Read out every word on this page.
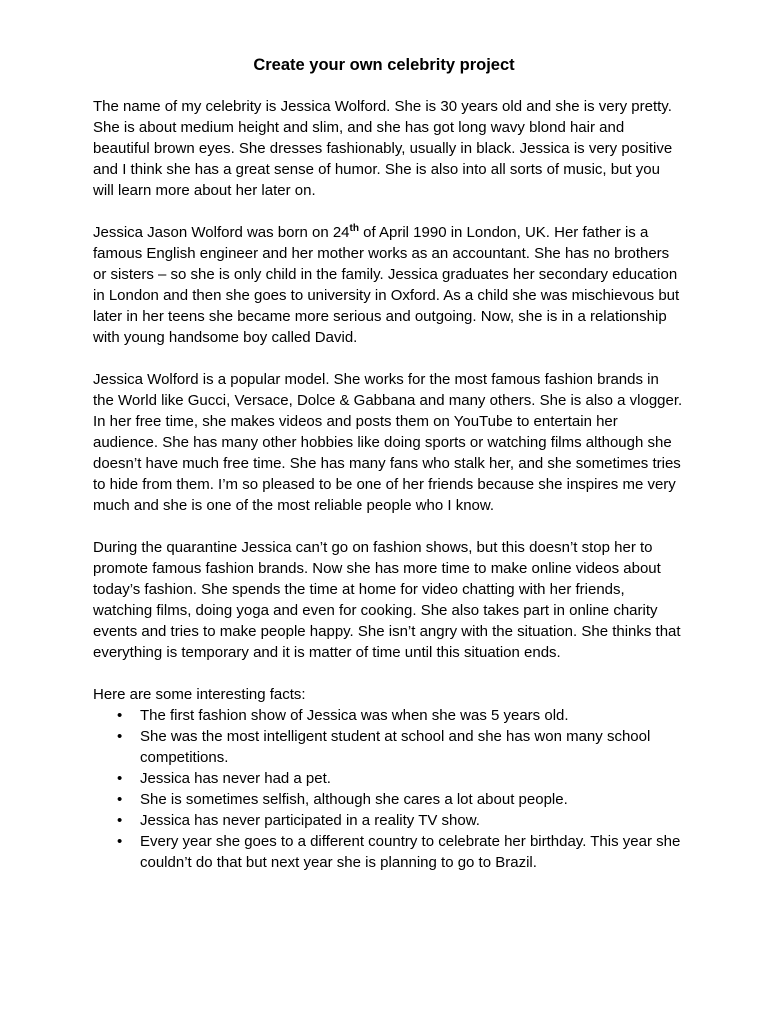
Create your own celebrity project

The name of my celebrity is Jessica Wolford. She is 30 years old and she is very pretty. She is about medium height and slim, and she has got long wavy blond hair and beautiful brown eyes. She dresses fashionably, usually in black. Jessica is very positive and I think she has a great sense of humor. She is also into all sorts of music, but you will learn more about her later on.

Jessica Jason Wolford was born on 24th of April 1990 in London, UK. Her father is a famous English engineer and her mother works as an accountant. She has no brothers or sisters – so she is only child in the family. Jessica graduates her secondary education in London and then she goes to university in Oxford. As a child she was mischievous but later in her teens she became more serious and outgoing. Now, she is in a relationship with young handsome boy called David.

Jessica Wolford is a popular model. She works for the most famous fashion brands in the World like Gucci, Versace, Dolce & Gabbana and many others. She is also a vlogger. In her free time, she makes videos and posts them on YouTube to entertain her audience. She has many other hobbies like doing sports or watching films although she doesn’t have much free time. She has many fans who stalk her, and she sometimes tries to hide from them. I’m so pleased to be one of her friends because she inspires me very much and she is one of the most reliable people who I know.

During the quarantine Jessica can’t go on fashion shows, but this doesn’t stop her to promote famous fashion brands. Now she has more time to make online videos about today’s fashion. She spends the time at home for video chatting with her friends, watching films, doing yoga and even for cooking. She also takes part in online charity events and tries to make people happy. She isn’t angry with the situation. She thinks that everything is temporary and it is matter of time until this situation ends.

Here are some interesting facts:

•	The first fashion show of Jessica was when she was 5 years old.
•	She was the most intelligent student at school and she has won many school competitions.
•	Jessica has never had a pet.
•	She is sometimes selfish, although she cares a lot about people.
•	Jessica has never participated in a reality TV show.
•	Every year she goes to a different country to celebrate her birthday. This year she couldn’t do that but next year she is planning to go to Brazil.
